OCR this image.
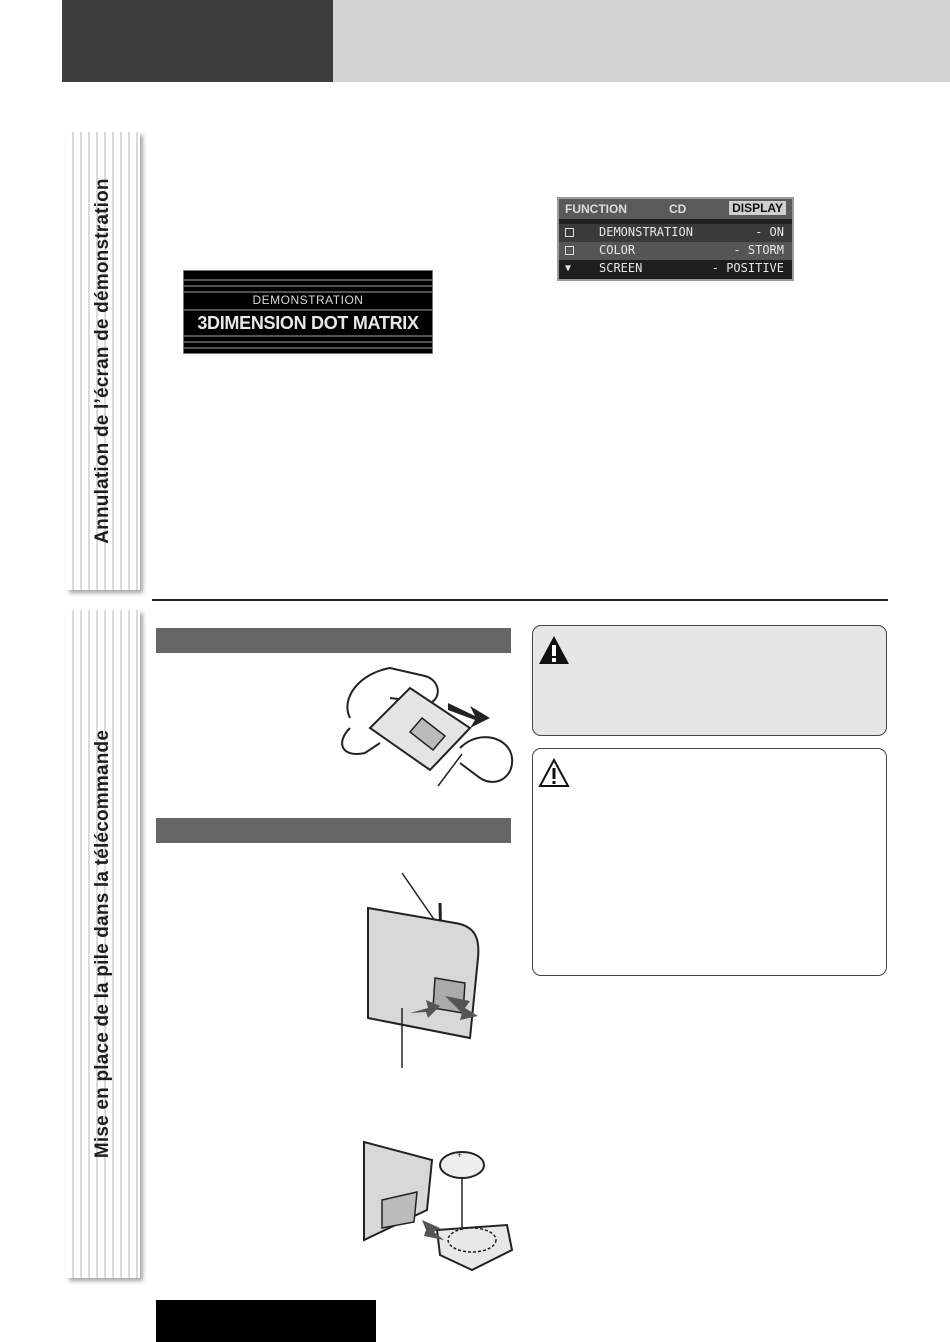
Annulation de l’écran de démonstration
Mise en place de la pile dans la télécommande
DEMONSTRATION
3DIMENSION DOT MATRIX
FUNCTION	CD	DISPLAY
DEMONSTRATION	- ON
COLOR	- STORM
▼ SCREEN	- POSITIVE
+
